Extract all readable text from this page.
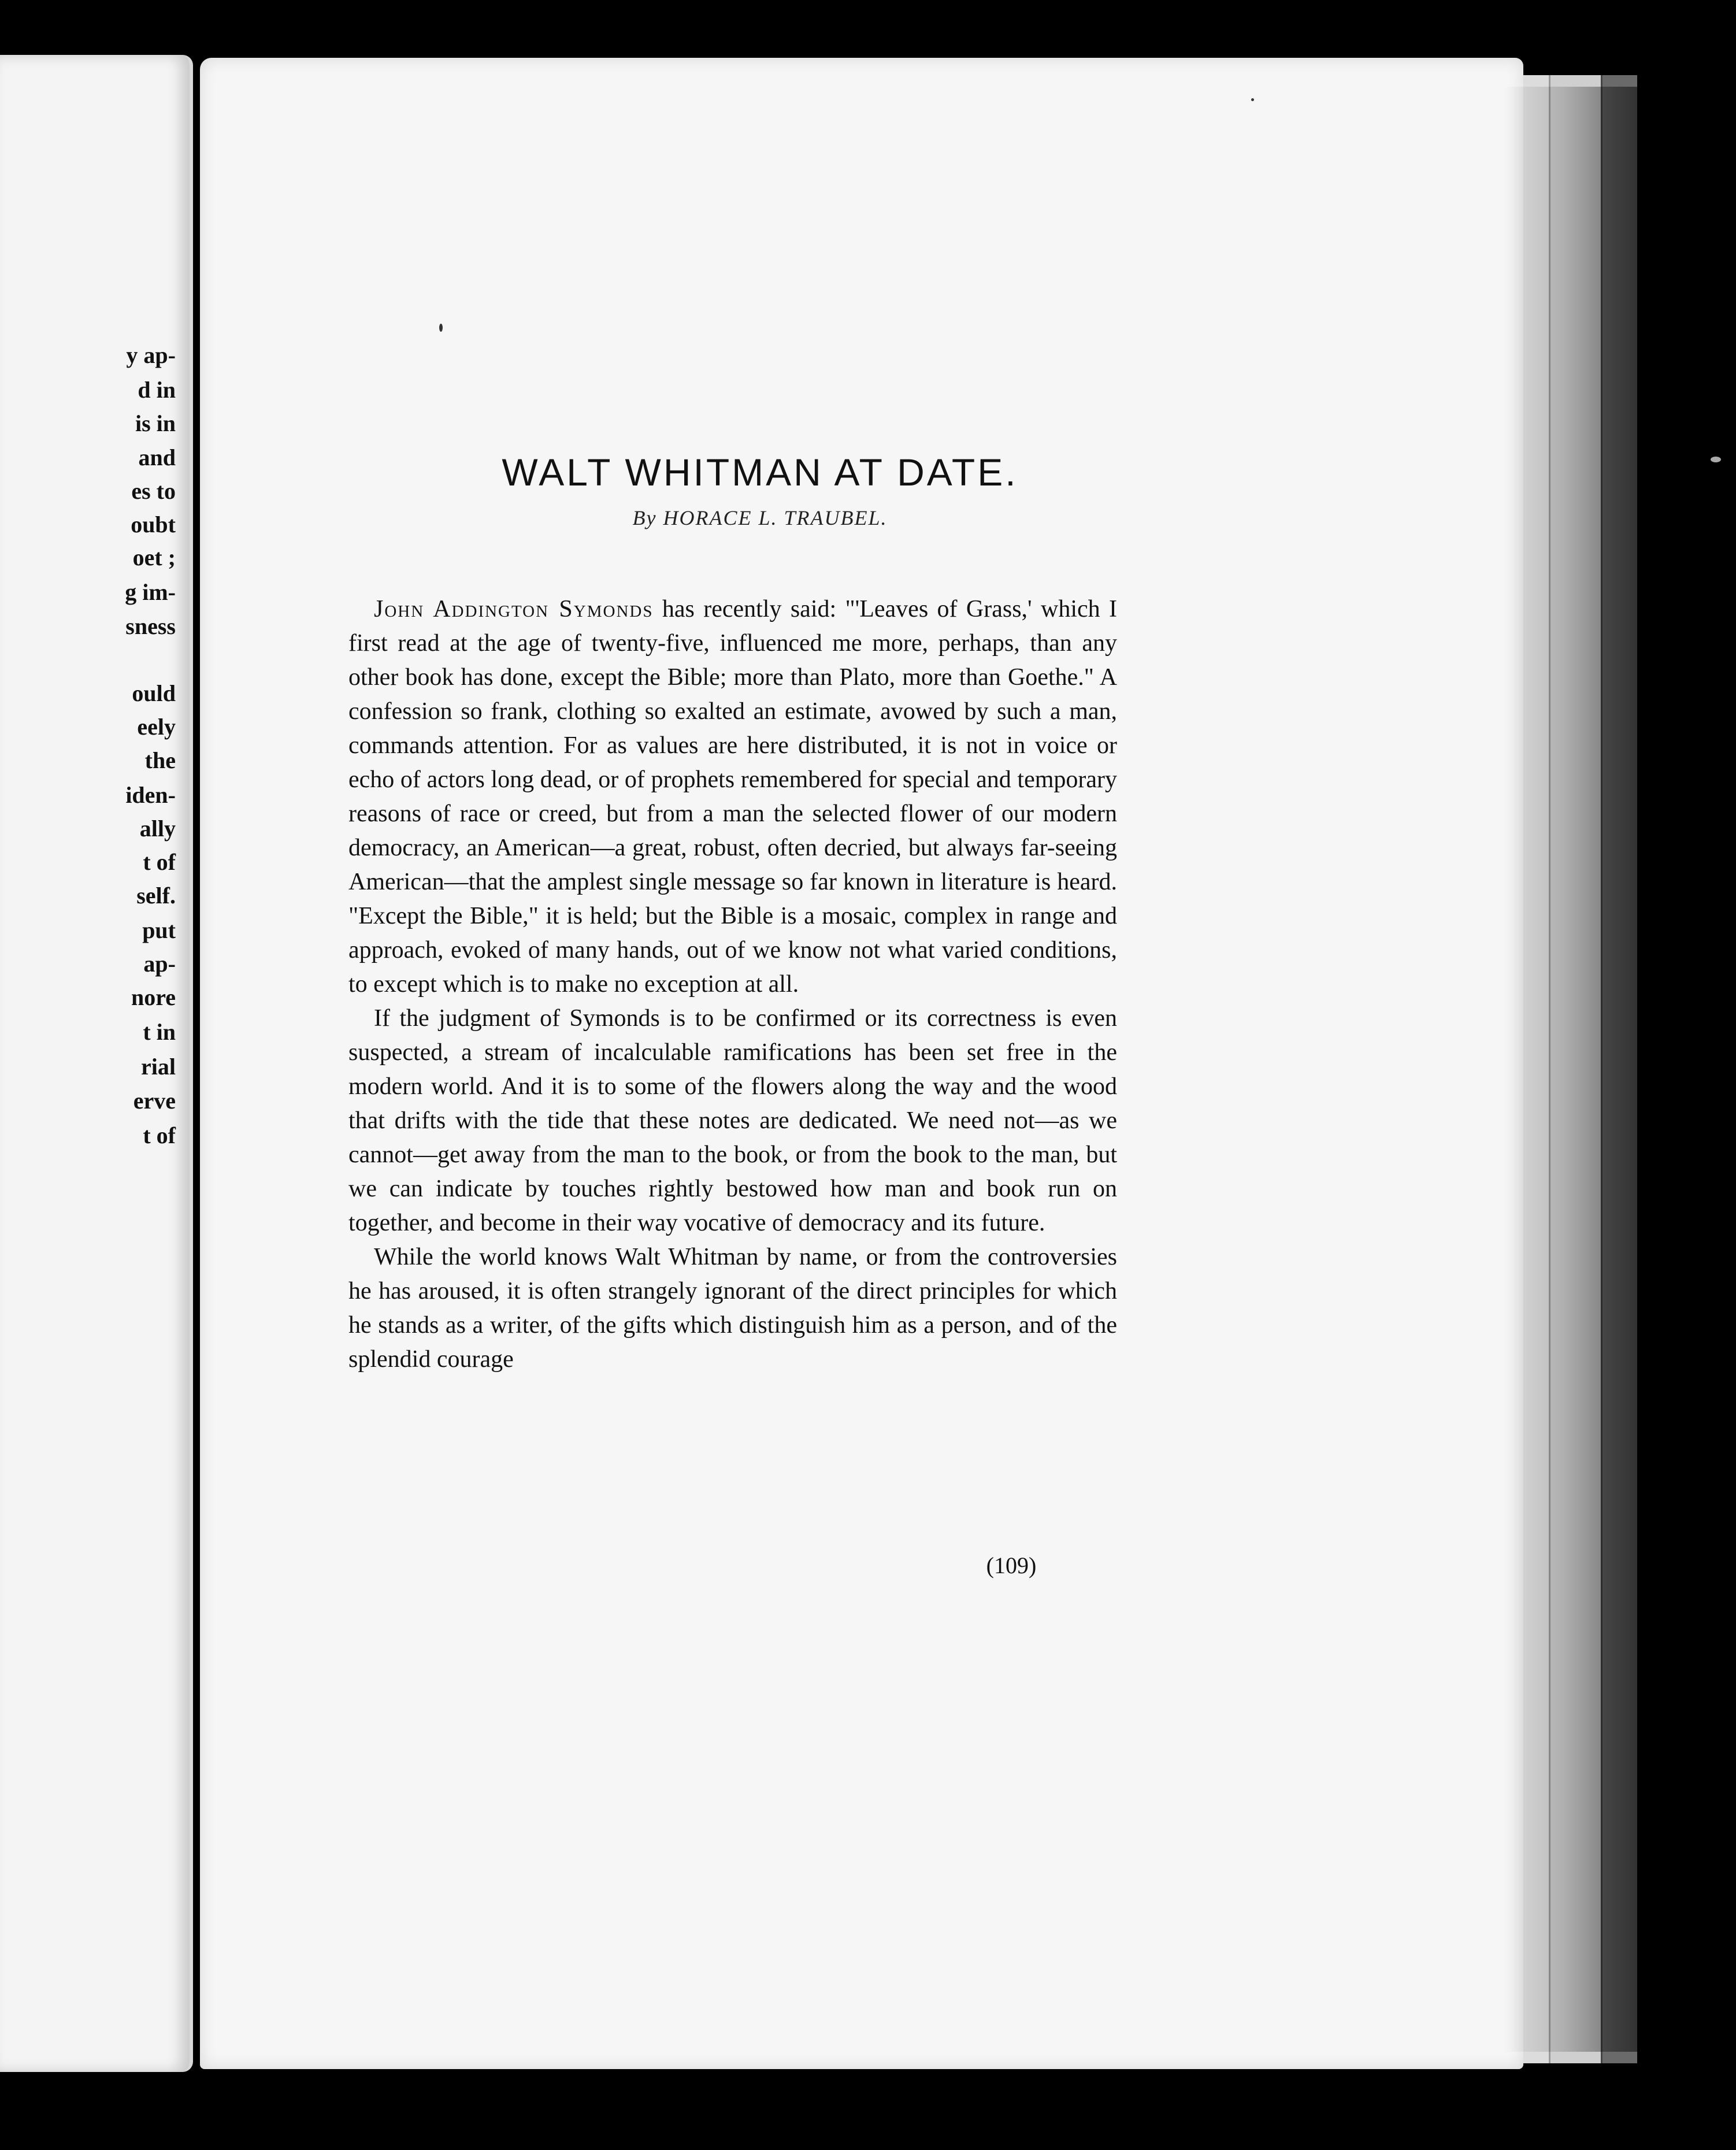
y ap-
d in
is in
and
es to
oubt
oet ;
g im-
sness
ould
eely
the
iden-
ally
t of
self.
put
ap-
nore
t in
rial
erve
t of
WALT WHITMAN AT DATE.
By HORACE L. TRAUBEL.

John Addington Symonds has recently said: "'Leaves of Grass,' which I first read at the age of twenty-five, influenced me more, perhaps, than any other book has done, except the Bible; more than Plato, more than Goethe." A confession so frank, clothing so exalted an estimate, avowed by such a man, commands attention. For as values are here distributed, it is not in voice or echo of actors long dead, or of prophets remembered for special and temporary reasons of race or creed, but from a man the selected flower of our modern democracy, an American—a great, robust, often decried, but always far-seeing American—that the amplest single message so far known in literature is heard. "Except the Bible," it is held; but the Bible is a mosaic, complex in range and approach, evoked of many hands, out of we know not what varied conditions, to except which is to make no exception at all.

If the judgment of Symonds is to be confirmed or its correctness is even suspected, a stream of incalculable ramifications has been set free in the modern world. And it is to some of the flowers along the way and the wood that drifts with the tide that these notes are dedicated. We need not—as we cannot—get away from the man to the book, or from the book to the man, but we can indicate by touches rightly bestowed how man and book run on together, and become in their way vocative of democracy and its future.

While the world knows Walt Whitman by name, or from the controversies he has aroused, it is often strangely ignorant of the direct principles for which he stands as a writer, of the gifts which distinguish him as a person, and of the splendid courage

(109)
